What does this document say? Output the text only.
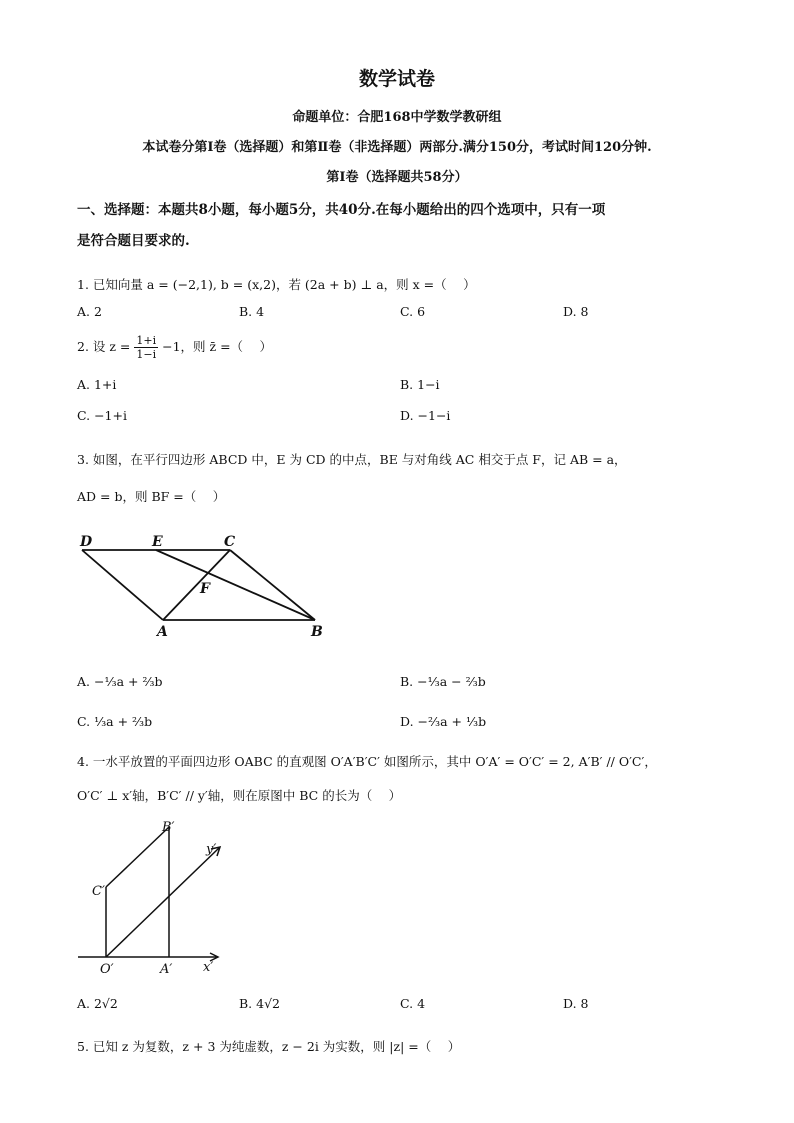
数学试卷
命题单位：合肥168中学数学教研组
本试卷分第Ⅰ卷（选择题）和第Ⅱ卷（非选择题）两部分.满分150分，考试时间120分钟.
第Ⅰ卷（选择题共58分）
一、选择题：本题共8小题，每小题5分，共40分.在每小题给出的四个选项中，只有一项
是符合题目要求的.
1. 已知向量 a = (−2,1), b = (x,2)，若 (2a + b) ⊥ a，则 x =（　 ）
A. 2	B. 4	C. 6	D. 8
2. 设 $z = \frac{1+i}{1-i} -1$，则 z̄ =（　 ）
A. 1+i	B. 1−i
C. −1+i	D. −1−i
3. 如图，在平行四边形 ABCD 中，E 为 CD 的中点，BE 与对角线 AC 相交于点 F，记 AB = a，
AD = b，则 BF =（　 ）
D	E	C
F
A	B
A. −⅓a + ⅔b	B. −⅓a − ⅔b
C. ⅓a + ⅔b	D. −⅔a + ⅓b
4. 一水平放置的平面四边形 OABC 的直观图 O′A′B′C′ 如图所示，其中 O′A′ = O′C′ = 2, A′B′ // O′C′，
O′C′ ⊥ x′轴，B′C′ // y′轴，则在原图中 BC 的长为（　 ）
B′
C′
O′	A′ x′
y′
A. 2√2	B. 4√2	C. 4	D. 8
5. 已知 z 为复数，z + 3 为纯虚数，z − 2i 为实数，则 |z| =（　 ）
